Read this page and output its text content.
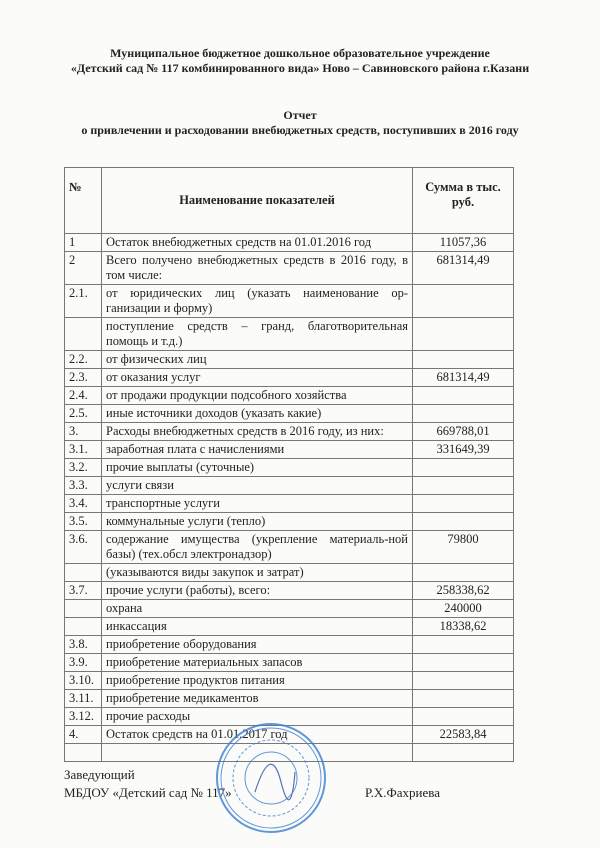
Муниципальное бюджетное дошкольное образовательное учреждение
«Детский сад № 117 комбинированного вида» Ново – Савиновского района г.Казани
Отчет
о привлечении и расходовании внебюджетных средств, поступивших в 2016 году
№	Наименование показателей	Сумма в тыс. руб.
1	Остаток внебюджетных средств на 01.01.2016 год	11057,36
2	Всего получено внебюджетных средств в 2016 году, в том числе:	681314,49
2.1.	от юридических лиц (указать наименование ор-ганизации и форму)	
	поступление средств – гранд, благотворительная помощь и т.д.)	
2.2.	от физических лиц	
2.3.	от оказания услуг	681314,49
2.4.	от продажи продукции подсобного хозяйства	
2.5.	иные источники доходов (указать какие)	
3.	Расходы внебюджетных средств в 2016 году, из них:	669788,01
3.1.	заработная плата с начислениями	331649,39
3.2.	прочие выплаты (суточные)	
3.3.	услуги связи	
3.4.	транспортные услуги	
3.5.	коммунальные услуги (тепло)	
3.6.	содержание имущества (укрепление материаль-ной базы) (тех.обсл электронадзор)	79800
	(указываются виды закупок и затрат)	
3.7.	прочие услуги (работы), всего:	258338,62
	охрана	240000
	инкассация	18338,62
3.8.	приобретение оборудования	
3.9.	приобретение материальных запасов	
3.10.	приобретение продуктов питания	
3.11.	приобретение медикаментов	
3.12.	прочие расходы	
4.	Остаток средств на 01.01.2017 год	22583,84

Заведующий
МБДОУ «Детский сад № 117»	Р.Х.Фахриева
